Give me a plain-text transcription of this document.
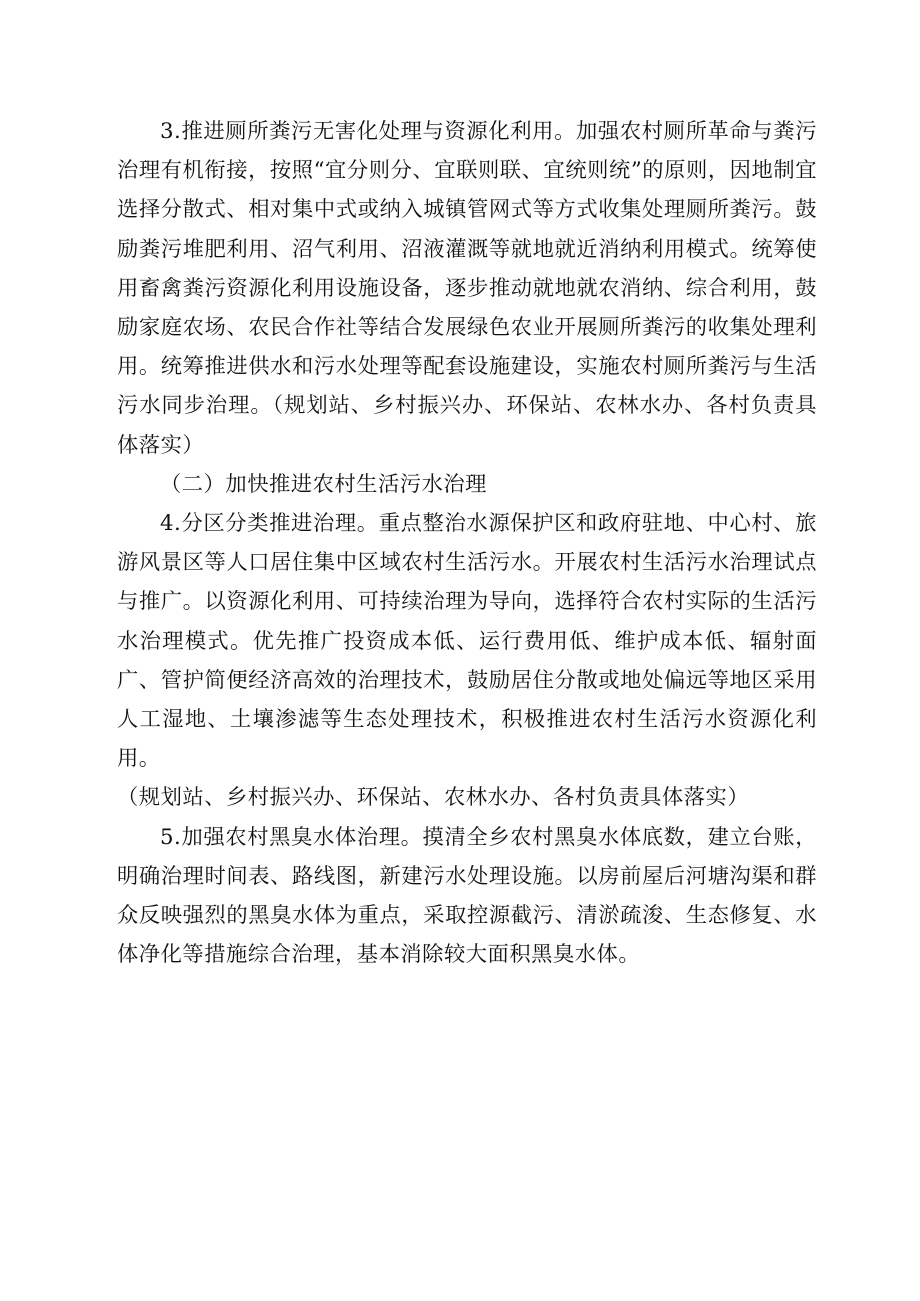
3.推进厕所粪污无害化处理与资源化利用。加强农村厕所革命与粪污治理有机衔接，按照“宜分则分、宜联则联、宜统则统”的原则，因地制宜选择分散式、相对集中式或纳入城镇管网式等方式收集处理厕所粪污。鼓励粪污堆肥利用、沼气利用、沼液灌溉等就地就近消纳利用模式。统筹使用畜禽粪污资源化利用设施设备，逐步推动就地就农消纳、综合利用，鼓励家庭农场、农民合作社等结合发展绿色农业开展厕所粪污的收集处理利用。统筹推进供水和污水处理等配套设施建设，实施农村厕所粪污与生活污水同步治理。（规划站、乡村振兴办、环保站、农林水办、各村负责具体落实）

（二）加快推进农村生活污水治理

4.分区分类推进治理。重点整治水源保护区和政府驻地、中心村、旅游风景区等人口居住集中区域农村生活污水。开展农村生活污水治理试点与推广。以资源化利用、可持续治理为导向，选择符合农村实际的生活污水治理模式。优先推广投资成本低、运行费用低、维护成本低、辐射面广、管护简便经济高效的治理技术，鼓励居住分散或地处偏远等地区采用人工湿地、土壤渗滤等生态处理技术，积极推进农村生活污水资源化利用。

（规划站、乡村振兴办、环保站、农林水办、各村负责具体落实）

5.加强农村黑臭水体治理。摸清全乡农村黑臭水体底数，建立台账，明确治理时间表、路线图，新建污水处理设施。以房前屋后河塘沟渠和群众反映强烈的黑臭水体为重点，采取控源截污、清淤疏浚、生态修复、水体净化等措施综合治理，基本消除较大面积黑臭水体。
